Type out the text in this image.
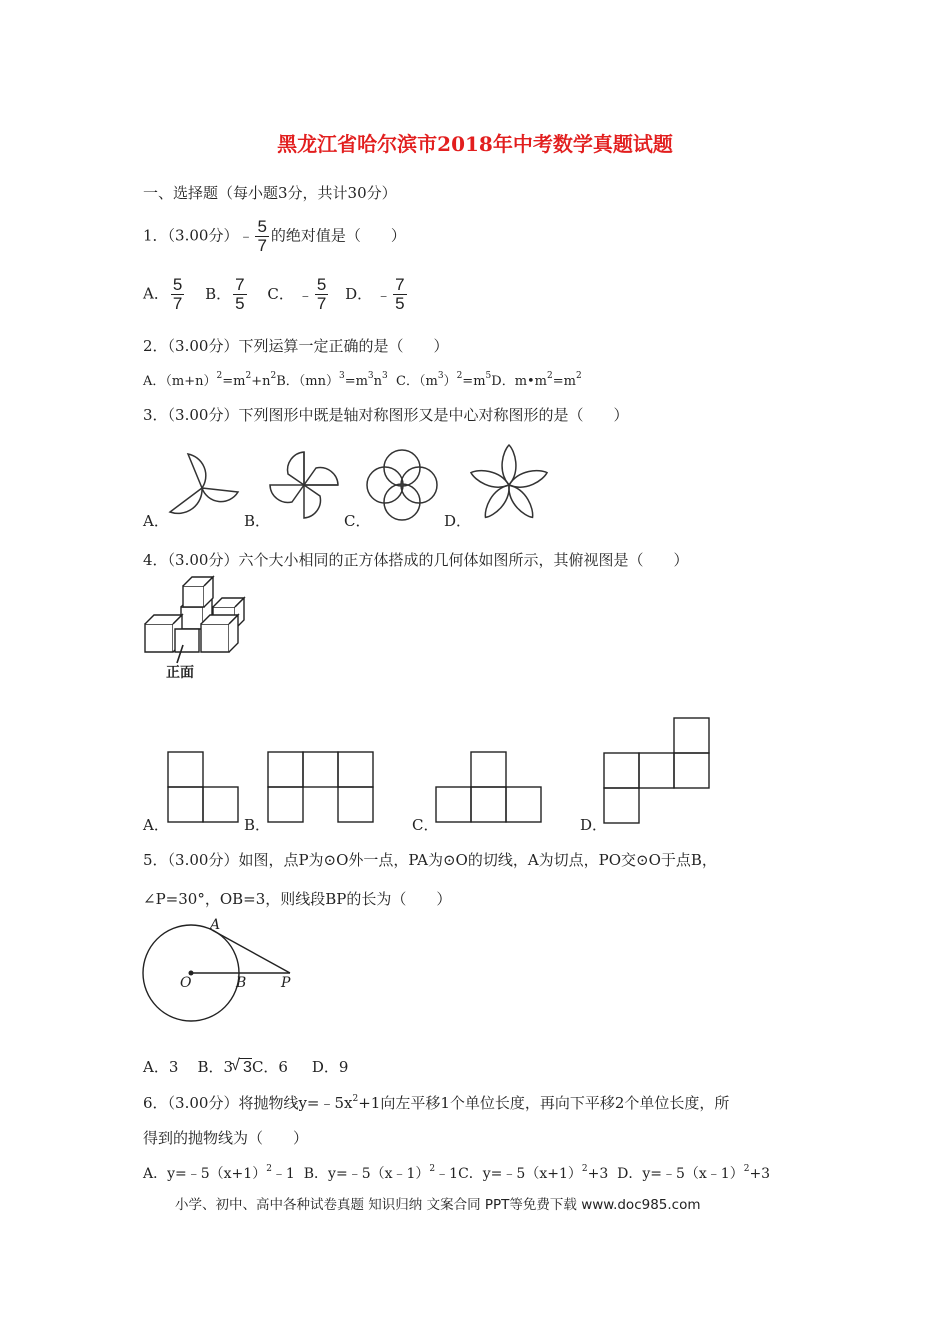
黑龙江省哈尔滨市2018年中考数学真题试题
一、选择题（每小题3分，共计30分）
1．（3.00分）﹣ $\frac{5}{7}$ 的绝对值是（　　）
A． $\frac{5}{7}$ B． $\frac{7}{5}$ C． ﹣ $\frac{5}{7}$ D． ﹣ $\frac{7}{5}$
2．（3.00分）下列运算一定正确的是（　　）
A．$(m+n)^2=m^2+n^2B$．$(mn)^3=m^3n^3$ C．$(m^3)^2=m^5D$．$m•m^2=m^2$
3．（3.00分）下列图形中既是轴对称图形又是中心对称图形的是（　　）
A．	B．	C．	D．
4．（3.00分）六个大小相同的正方体搭成的几何体如图所示，其俯视图是（　　）
正面
A．	B．	C．	D．
5．（3.00分）如图，点P为⊙O外一点，PA为⊙O的切线，A为切点，PO交⊙O于点B，
∠P=30°，OB=3，则线段BP的长为（　　）
A
O	B P
A．3 B．3
√ 3C．6 D．9
6．（3.00分）将抛物线$y=﹣5x^2+1$向左平移1个单位长度，再向下平移2个单位长度，所
得到的抛物线为（　　）
A．$y=﹣5(x+1)^2﹣1$ B．y=﹣5（x﹣1）$^2$﹣1C．$y=﹣5(x+1)^2+3$ D．y=﹣5（x﹣1）$^2$+3
小学、初中、高中各种试卷真题 知识归纳 文案合同 PPT等免费下载 www.doc985.com
